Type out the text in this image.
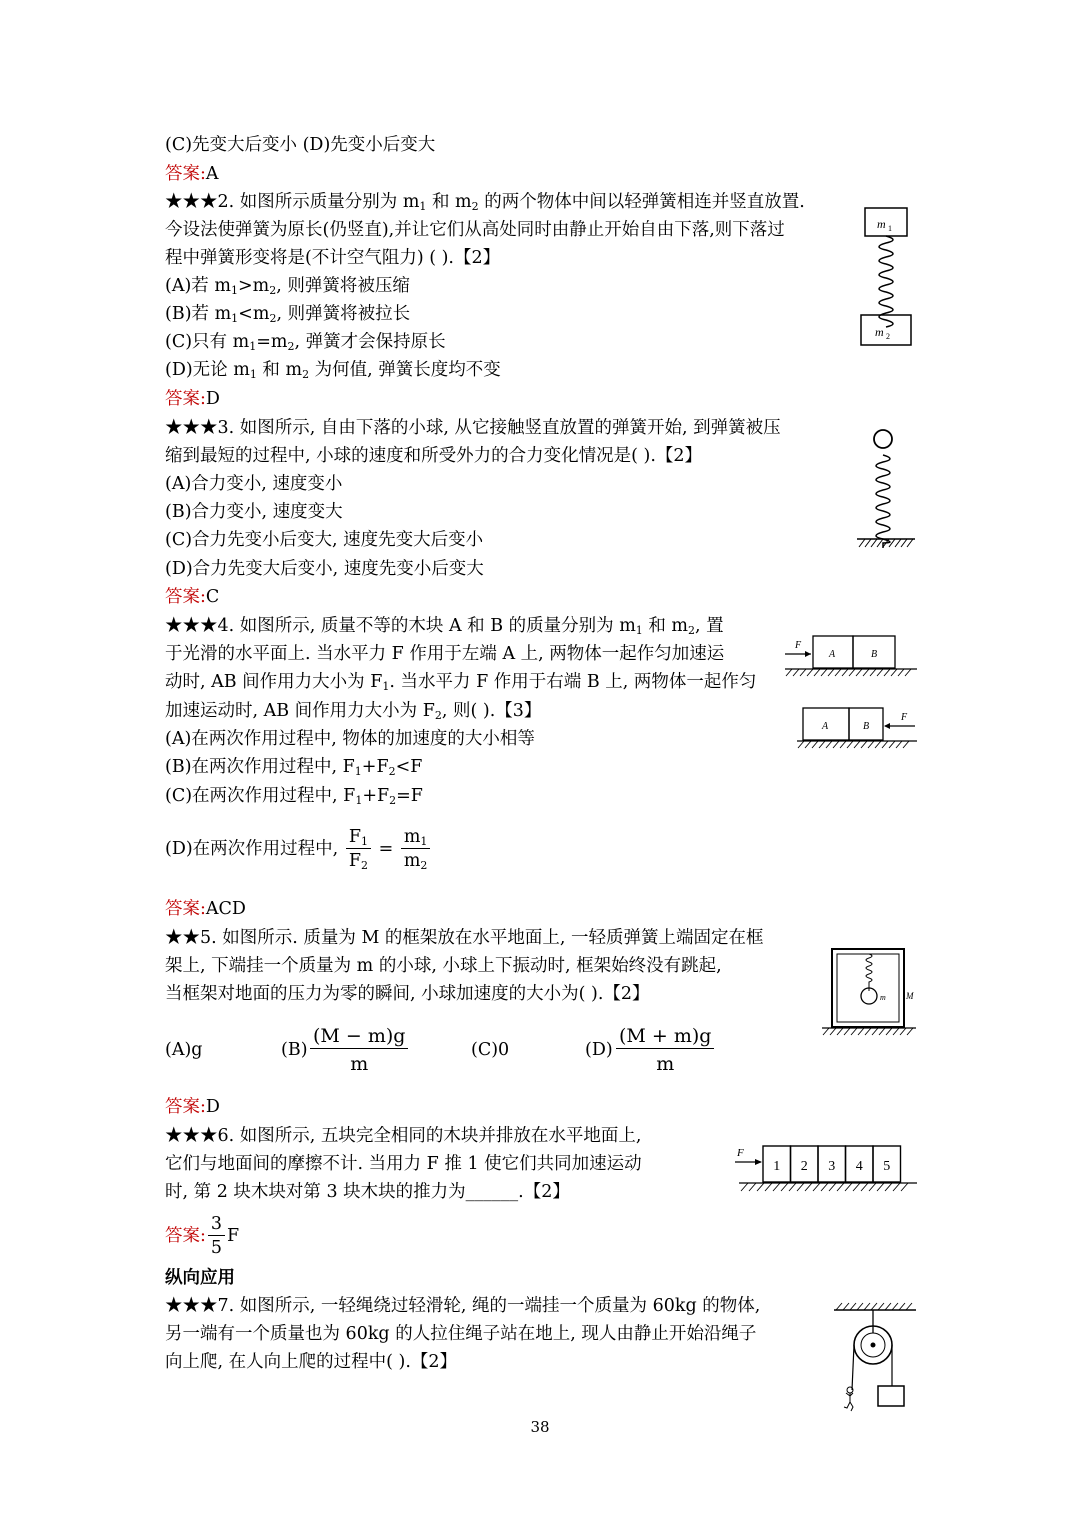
(C)先变大后变小 (D)先变小后变大
答案:A
★★★2. 如图所示质量分别为 $m_1$ 和 $m_2$ 的两个物体中间以轻弹簧相连并竖直放置.
今设法使弹簧为原长(仍竖直),并让它们从高处同时由静止开始自由下落,则下落过
程中弹簧形变将是(不计空气阻力) ( ).【2】
(A)若 $m_1>m_2$, 则弹簧将被压缩
(B)若 $m_1<m_2$, 则弹簧将被拉长
(C)只有 $m_1=m_2$, 弹簧才会保持原长
(D)无论 $m_1$ 和 $m_2$ 为何值, 弹簧长度均不变
答案:D
m 1
m 2
★★★3. 如图所示, 自由下落的小球, 从它接触竖直放置的弹簧开始, 到弹簧被压
缩到最短的过程中, 小球的速度和所受外力的合力变化情况是( ).【2】
(A)合力变小, 速度变小
(B)合力变小, 速度变大
(C)合力先变小后变大, 速度先变大后变小
(D)合力先变大后变小, 速度先变小后变大
答案:C
★★★4. 如图所示, 质量不等的木块 A 和 B 的质量分别为 $m_1$ 和 $m_2$, 置
于光滑的水平面上. 当水平力 F 作用于左端 A 上, 两物体一起作匀加速运
动时, AB 间作用力大小为 $F_1$. 当水平力 F 作用于右端 B 上, 两物体一起作匀
加速运动时, AB 间作用力大小为 $F_2$, 则( ).【3】
(A)在两次作用过程中, 物体的加速度的大小相等
(B)在两次作用过程中, $F_1+F_2<F$
(C)在两次作用过程中, $F_1+F_2=F$
(D)在两次作用过程中, $\frac{F_1}{F_2} = \frac{m_1}{m_2}$
答案:ACD
F
A	B
A	B
F
★★5. 如图所示. 质量为 M 的框架放在水平地面上, 一轻质弹簧上端固定在框
架上, 下端挂一个质量为 m 的小球, 小球上下振动时, 框架始终没有跳起,
当框架对地面的压力为零的瞬间, 小球加速度的大小为( ).【2】
(A)g	$(B) \frac{(M - m)g}{m}$	(C)0	$(D) \frac{(M + m)g}{m}$
答案:D
m M
★★★6. 如图所示, 五块完全相同的木块并排放在水平地面上,
它们与地面间的摩擦不计. 当用力 F 推 1 使它们共同加速运动
时, 第 2 块木块对第 3 块木块的推力为______.【2】
答案: $\frac{3}{5}$ F
F
1 2 3 4 5
纵向应用
★★★7. 如图所示, 一轻绳绕过轻滑轮, 绳的一端挂一个质量为 60kg 的物体,
另一端有一个质量也为 60kg 的人拉住绳子站在地上, 现人由静止开始沿绳子
向上爬, 在人向上爬的过程中( ).【2】
38
